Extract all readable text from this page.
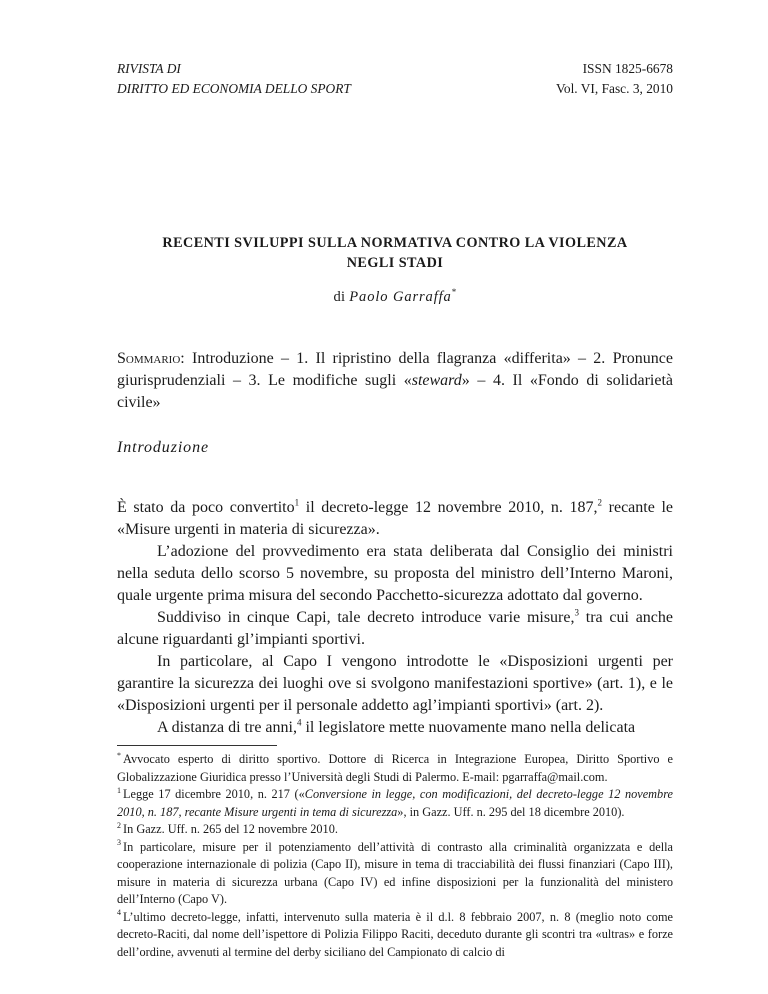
RIVISTA DI
DIRITTO ED ECONOMIA DELLO SPORT
ISSN 1825-6678
Vol. VI, Fasc. 3, 2010
RECENTI SVILUPPI SULLA NORMATIVA CONTRO LA VIOLENZA
NEGLI STADI
di Paolo Garraffa*
Sommario: Introduzione – 1. Il ripristino della flagranza «differita» – 2. Pronunce giurisprudenziali – 3. Le modifiche sugli «steward» – 4. Il «Fondo di solidarietà civile»
Introduzione

È stato da poco convertito$^1$ il decreto-legge 12 novembre 2010, n. 187,$^2$ recante le «Misure urgenti in materia di sicurezza».

L’adozione del provvedimento era stata deliberata dal Consiglio dei ministri nella seduta dello scorso 5 novembre, su proposta del ministro dell’Interno Maroni, quale urgente prima misura del secondo Pacchetto-sicurezza adottato dal governo.

Suddiviso in cinque Capi, tale decreto introduce varie misure,$^3$ tra cui anche alcune riguardanti gl’impianti sportivi.

In particolare, al Capo I vengono introdotte le «Disposizioni urgenti per garantire la sicurezza dei luoghi ove si svolgono manifestazioni sportive» (art. 1), e le «Disposizioni urgenti per il personale addetto agl’impianti sportivi» (art. 2).

A distanza di tre anni,$^4$ il legislatore mette nuovamente mano nella delicata

* Avvocato esperto di diritto sportivo. Dottore di Ricerca in Integrazione Europea, Diritto Sportivo e Globalizzazione Giuridica presso l’Università degli Studi di Palermo. E-mail: pgarraffa@mail.com.

$^1$ Legge 17 dicembre 2010, n. 217 («Conversione in legge, con modificazioni, del decreto-legge 12 novembre 2010, n. 187, recante Misure urgenti in tema di sicurezza», in Gazz. Uff. n. 295 del 18 dicembre 2010).

$^2$ In Gazz. Uff. n. 265 del 12 novembre 2010.

$^3$ In particolare, misure per il potenziamento dell’attività di contrasto alla criminalità organizzata e della cooperazione internazionale di polizia (Capo II), misure in tema di tracciabilità dei flussi finanziari (Capo III), misure in materia di sicurezza urbana (Capo IV) ed infine disposizioni per la funzionalità del ministero dell’Interno (Capo V).

$^4$ L’ultimo decreto-legge, infatti, intervenuto sulla materia è il d.l. 8 febbraio 2007, n. 8 (meglio noto come decreto-Raciti, dal nome dell’ispettore di Polizia Filippo Raciti, deceduto durante gli scontri tra «ultras» e forze dell’ordine, avvenuti al termine del derby siciliano del Campionato di calcio di
